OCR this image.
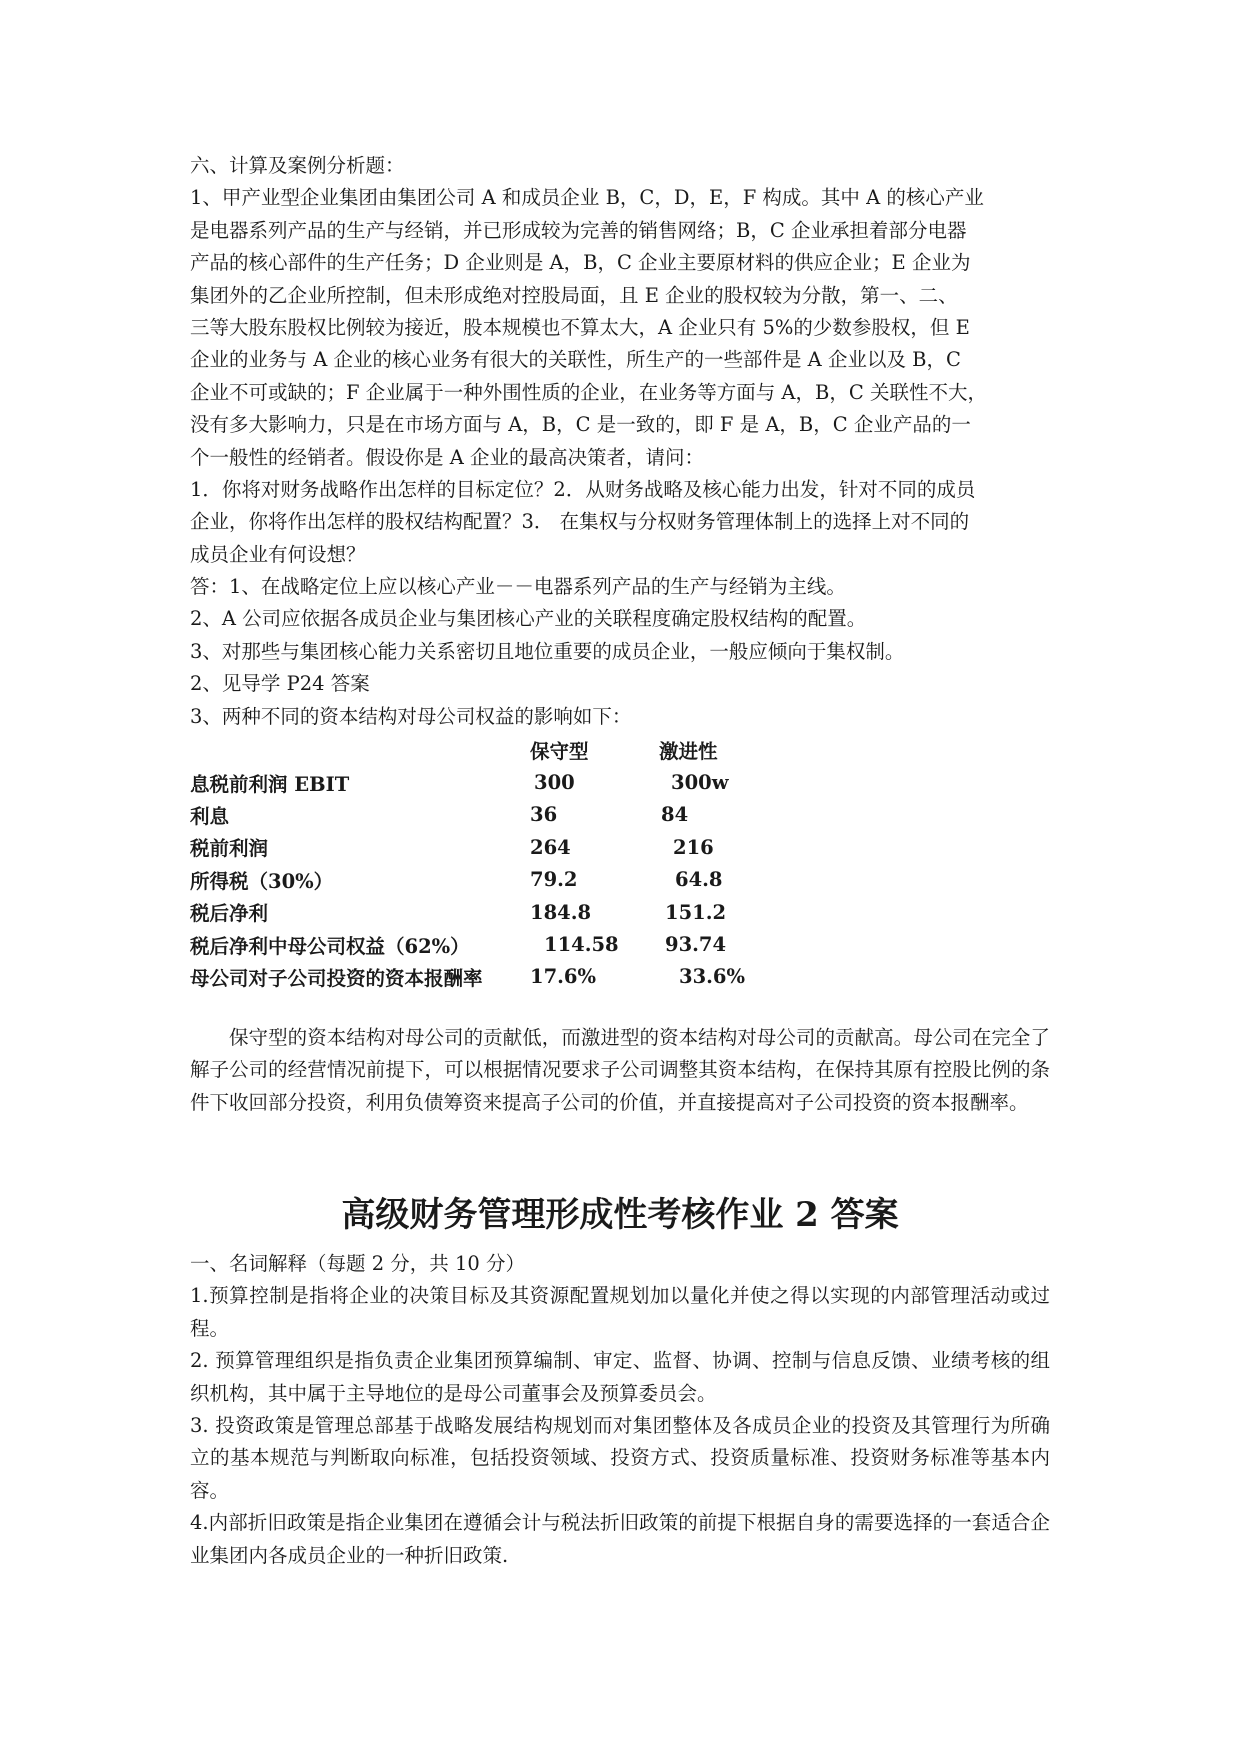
六、计算及案例分析题：
1、甲产业型企业集团由集团公司 A 和成员企业 B，C，D，E，F 构成。其中 A 的核心产业
是电器系列产品的生产与经销，并已形成较为完善的销售网络；B，C 企业承担着部分电器
产品的核心部件的生产任务；D 企业则是 A，B，C 企业主要原材料的供应企业；E 企业为
集团外的乙企业所控制，但未形成绝对控股局面，且 E 企业的股权较为分散，第一、二、
三等大股东股权比例较为接近，股本规模也不算太大，A 企业只有 5%的少数参股权，但 E
企业的业务与 A 企业的核心业务有很大的关联性，所生产的一些部件是 A 企业以及 B，C
企业不可或缺的；F 企业属于一种外围性质的企业，在业务等方面与 A，B，C 关联性不大，
没有多大影响力，只是在市场方面与 A，B，C 是一致的，即 F 是 A，B，C 企业产品的一
个一般性的经销者。假设你是 A 企业的最高决策者，请问：
1．你将对财务战略作出怎样的目标定位？2．从财务战略及核心能力出发，针对不同的成员
企业，你将作出怎样的股权结构配置？3． 在集权与分权财务管理体制上的选择上对不同的
成员企业有何设想？
答：1、在战略定位上应以核心产业－－电器系列产品的生产与经销为主线。
2、A 公司应依据各成员企业与集团核心产业的关联程度确定股权结构的配置。
3、对那些与集团核心能力关系密切且地位重要的成员企业，一般应倾向于集权制。
2、见导学 P24 答案
3、两种不同的资本结构对母公司权益的影响如下：
	保守型	激进性
息税前利润 EBIT	300	300w
利息	36	84
税前利润	264	216
所得税（30%）	79.2	64.8
税后净利	184.8	151.2
税后净利中母公司权益（62%）	114.58	93.74
母公司对子公司投资的资本报酬率	17.6%	33.6%
保守型的资本结构对母公司的贡献低，而激进型的资本结构对母公司的贡献高。母公司在完全了解子公司的经营情况前提下，可以根据情况要求子公司调整其资本结构，在保持其原有控股比例的条件下收回部分投资，利用负债筹资来提高子公司的价值，并直接提高对子公司投资的资本报酬率。
高级财务管理形成性考核作业 2 答案
一、名词解释（每题 2 分，共 10 分）
1.预算控制是指将企业的决策目标及其资源配置规划加以量化并使之得以实现的内部管理活动或过程。
2. 预算管理组织是指负责企业集团预算编制、审定、监督、协调、控制与信息反馈、业绩考核的组织机构，其中属于主导地位的是母公司董事会及预算委员会。
3. 投资政策是管理总部基于战略发展结构规划而对集团整体及各成员企业的投资及其管理行为所确立的基本规范与判断取向标准，包括投资领域、投资方式、投资质量标准、投资财务标准等基本内容。
4.内部折旧政策是指企业集团在遵循会计与税法折旧政策的前提下根据自身的需要选择的一套适合企业集团内各成员企业的一种折旧政策.
